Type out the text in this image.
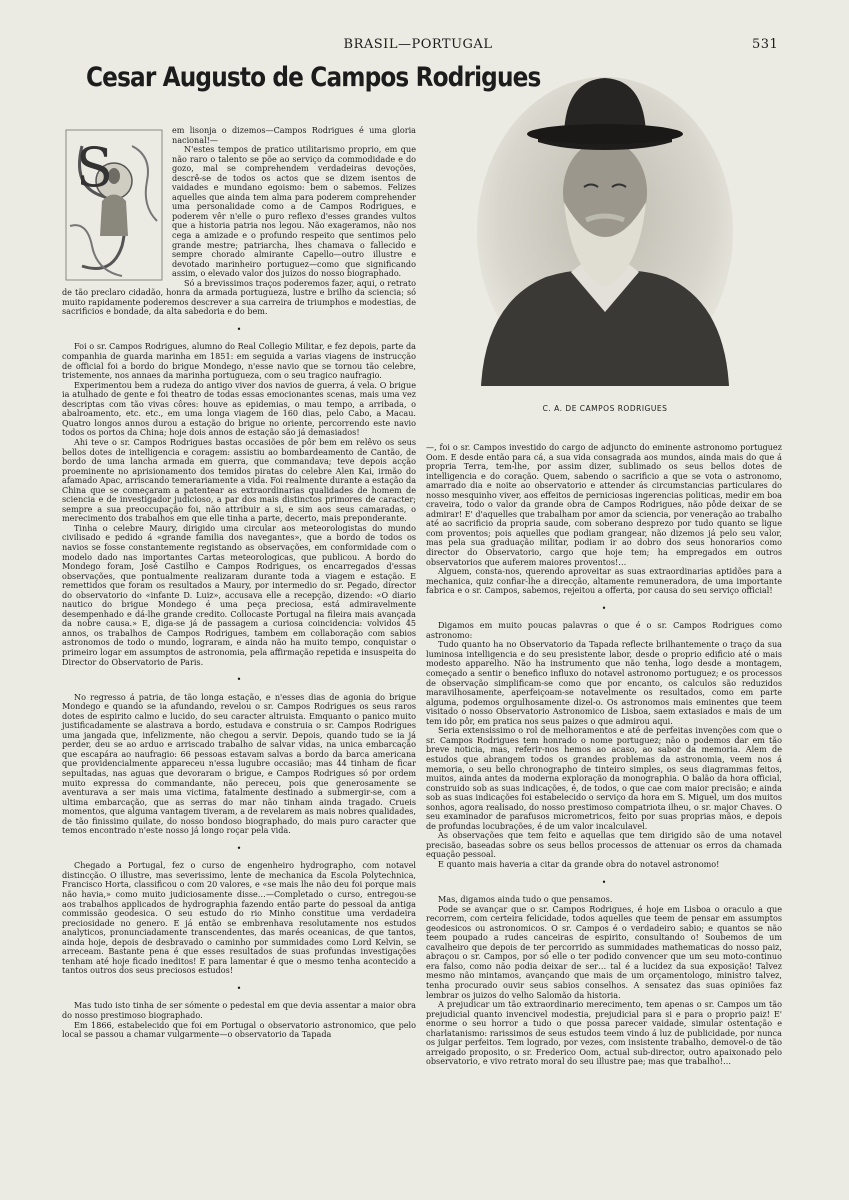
BRASIL—PORTUGAL	531
Cesar Augusto de Campos Rodrigues
S

em lisonja o dizemos—Campos Rodrigues é uma gloria nacional!—

N'estes tempos de pratico utilitarismo proprio, em que não raro o talento se põe ao serviço da commodidade e do gozo, mal se comprehendem verdadeiras devoções, descrê-se de todos os actos que se dizem isentos de vaidades e mundano egoismo: bem o sabemos. Felizes aquelles que ainda tem alma para poderem comprehender uma personalidade como a de Campos Rodrigues, e poderem vêr n'elle o puro reflexo d'esses grandes vultos que a historia patria nos legou. Não exageramos, não nos cega a amizade e o profundo respeito que sentimos pelo grande mestre; patriarcha, lhes chamava o fallecido e sempre chorado almirante Capello—outro illustre e devotado marinheiro portuguez—como que significando assim, o elevado valor dos juizos do nosso biographado.

Só a brevissimos traços poderemos fazer, aqui, o retrato de tão preclaro cidadão, honra da armada portugueza, lustre e brilho da sciencia; só muito rapidamente poderemos descrever a sua carreira de triumphos e modestias, de sacrificios e bondade, da alta sabedoria e do bem.

•

Foi o sr. Campos Rodrigues, alumno do Real Collegio Militar, e fez depois, parte da companhia de guarda marinha em 1851: em seguida a varias viagens de instrucção de official foi a bordo do brigue Mondego, n'esse navio que se tornou tão celebre, tristemente, nos annaes da marinha portugueza, com o seu tragico naufragio.

Experimentou bem a rudeza do antigo viver dos navios de guerra, á vela. O brigue ia atulhado de gente e foi theatro de todas essas emocionantes scenas, mais uma vez descriptas com tão vivas côres: houve as epidemias, o mau tempo, a arribada, o abalroamento, etc. etc., em uma longa viagem de 160 dias, pelo Cabo, a Macau. Quatro longos annos durou a estação do brigue no oriente, percorrendo este navio todos os portos da China; hoje dois annos de estação são já demasiados!

Ahi teve o sr. Campos Rodrigues bastas occasiões de pôr bem em relêvo os seus bellos dotes de intelligencia e coragem: assistiu ao bombardeamento de Cantão, de bordo de uma lancha armada em guerra, que commandava; teve depois acção proeminente no aprisionamento dos temidos piratas do celebre Alen Kai, irmão do afamado Apac, arriscando temerariamente a vida. Foi realmente durante a estação da China que se começaram a patentear as extraordinarias qualidades de homem de sciencia e de investigador judicioso, a par dos mais distinctos primores de caracter; sempre a sua preoccupação foi, não attribuir a si, e sim aos seus camaradas, o merecimento dos trabalhos em que elle tinha a parte, decerto, mais preponderante.

Tinha o celebre Maury, dirigido uma circular aos meteorologistas do mundo civilisado e pedido á «grande familia dos navegantes», que a bordo de todos os navios se fosse constantemente registando as observações, em conformidade com o modelo dado nas importantes Cartas meteorologicas, que publicou. A bordo do Mondego foram, José Castilho e Campos Rodrigues, os encarregados d'essas observações, que pontualmente realizaram durante toda a viagem e estação. E remettidos que foram os resultados a Maury, por intermedio do sr. Pegado, director do observatorio do «infante D. Luiz», accusava elle a recepção, dizendo: «O diario nautico do brigue Mondego é uma peça preciosa, está admiravelmente desempenhado e dá-lhe grande credito. Collocaste Portugal na fileira mais avançada da nobre causa.» E, diga-se já de passagem a curiosa coincidencia: volvidos 45 annos, os trabalhos de Campos Rodrigues, tambem em collaboração com sabios astronomos de todo o mundo, lograram, e ainda não ha muito tempo, conquistar o primeiro logar em assumptos de astronomia, pela affirmação repetida e insuspeita do Director do Observatorio de Paris.

•

No regresso á patria, de tão longa estação, e n'esses dias de agonia do brigue Mondego e quando se ia afundando, revelou o sr. Campos Rodrigues os seus raros dotes de espirito calmo e lucido, do seu caracter altruista. Emquanto o panico muito justificadamente se alastrava a bordo, estudava e construia o sr. Campos Rodrigues uma jangada que, infelizmente, não chegou a servir. Depois, quando tudo se ia já perder, deu se ao arduo e arriscado trabalho de salvar vidas, na unica embarcação que escapára ao naufragio: 66 pessoas estavam salvas a bordo da barca americana que providencialmente appareceu n'essa lugubre occasião; mas 44 tinham de ficar sepultadas, nas aguas que devoraram o brigue, e Campos Rodrigues só por ordem muito expressa do commandante, não pereceu, pois que generosamente se aventurava a ser mais uma victima, fatalmente destinado a submergir-se, com a ultima embarcação, que as serras do mar não tinham ainda tragado. Crueis momentos, que alguma vantagem tiveram, a de revelarem as mais nobres qualidades, de tão finissimo quilate, do nosso bondoso biographado, do mais puro caracter que temos encontrado n'este nosso já longo roçar pela vida.

•

Chegado a Portugal, fez o curso de engenheiro hydrographo, com notavel distincção. O illustre, mas severissimo, lente de mechanica da Escola Polytechnica, Francisco Horta, classificou o com 20 valores, e «se mais lhe não deu foi porque mais não havia,» como muito judiciosamente disse…—Completado o curso, entregou-se aos trabalhos applicados de hydrographia fazendo então parte do pessoal da antiga commissão geodesica. O seu estudo do rio Minho constitue uma verdadeira preciosidade no genero. E já então se embrenhava resolutamente nos estudos analyticos, pronunciadamente transcendentes, das marés oceanicas, de que tantos, ainda hoje, depois de desbravado o caminho por summidades como Lord Kelvin, se arreceam. Bastante pena é que esses resultados de suas profundas investigações tenham até hoje ficado ineditos! E para lamentar é que o mesmo tenha acontecido a tantos outros dos seus preciosos estudos!

•

Mas tudo isto tinha de ser sómente o pedestal em que devia assentar a maior obra do nosso prestimoso biographado.

Em 1866, estabelecido que foi em Portugal o observatorio astronomico, que pelo local se passou a chamar vulgarmente—o observatorio da Tapada

C. A. DE CAMPOS RODRIGUES

—, foi o sr. Campos investido do cargo de adjuncto do eminente astronomo portuguez Oom. E desde então para cá, a sua vida consagrada aos mundos, ainda mais do que á propria Terra, tem-lhe, por assim dizer, sublimado os seus bellos dotes de intelligencia e do coração. Quem, sabendo o sacrificio a que se vota o astronomo, amarrado dia e noite ao observatorio e attender ás circumstancias particulares do nosso mesquinho viver, aos effeitos de perniciosas ingerencias politicas, medir em boa craveira, todo o valor da grande obra de Campos Rodrigues, não pôde deixar de se admirar! E' d'aquelles que trabalham por amor da sciencia, por veneração ao trabalho até ao sacrificio da propria saude, com soberano desprezo por tudo quanto se ligue com proventos; pois aquelles que podiam grangear, não dizemos já pelo seu valor, mas pela sua graduação militar, podiam ir ao dobro dos seus honorarios como director do Observatorio, cargo que hoje tem; ha empregados em outros observatorios que auferem maiores proventos!…

Alguem, consta-nos, querendo aproveitar as suas extraordinarias aptidões para a mechanica, quiz confiar-lhe a direcção, altamente remuneradora, de uma importante fabrica e o sr. Campos, sabemos, rejeitou a offerta, por causa do seu serviço official!

•

Digamos em muito poucas palavras o que é o sr. Campos Rodrigues como astronomo:

Tudo quanto ha no Observatorio da Tapada reflecte brilhantemente o traço da sua luminosa intelligencia e do seu presistente labor, desde o proprio edificio até o mais modesto apparelho. Não ha instrumento que não tenha, logo desde a montagem, começado a sentir o benefico influxo do notavel astronomo portuguez; e os processos de observação simplificam-se como que por encanto, os calculos são reduzidos maravilhosamente, aperfeiçoam-se notavelmente os resultados, como em parte alguma, podemos orgulhosamente dizel-o. Os astronomos mais eminentes que teem visitado o nosso Observatorio Astronomico de Lisboa, saem extasiados e mais de um tem ido pôr, em pratica nos seus paizes o que admirou aqui.

Seria extensissimo o rol de melhoramentos e até de perfeitas invenções com que o sr. Campos Rodrigues tem honrado o nome portuguez; não o podemos dar em tão breve noticia, mas, referir-nos hemos ao acaso, ao sabor da memoria. Alem de estudos que abrangem todos os grandes problemas da astronomia, veem nos á memoria, o seu bello chronographo de tinteiro simples, os seus diagrammas feitos, muitos, ainda antes da moderna exploração da monographia. O balão da hora official, construido sob as suas indicações, é, de todos, o que cae com maior precisão; e ainda sob as suas indicações foi estabelecido o serviço da hora em S. Miguel, um dos muitos sonhos, agora realisado, do nosso prestimoso compatriota ilheu, o sr. major Chaves. O seu examinador de parafusos micrometricos, feito por suas proprias mãos, e depois de profundas locubrações, é de um valor incalculavel.

As observações que tem feito e aquellas que tem dirigido são de uma notavel precisão, baseadas sobre os seus bellos processos de attenuar os erros da chamada equação pessoal.

E quanto mais haveria a citar da grande obra do notavel astronomo!

•

Mas, digamos ainda tudo o que pensamos.

Pode se avançar que o sr. Campos Rodrigues, é hoje em Lisboa o oraculo a que recorrem, com certeira felicidade, todos aquelles que teem de pensar em assumptos geodesicos ou astronomicos. O sr. Campos é o verdadeiro sabio; e quantos se não teem poupado a rudes canceiras de espirito, consultando o! Soubemos de um cavalheiro que depois de ter percorrido as summidades mathematicas do nosso paiz, abraçou o sr. Campos, por só elle o ter podido convencer que um seu moto-continuo era falso, como não podia deixar de ser… tal é a lucidez da sua exposição! Talvez mesmo não mintamos, avançando que mais de um orçamentologo, ministro talvez, tenha procurado ouvir seus sabios conselhos. A sensatez das suas opiniões faz lembrar os juizos do velho Salomão da historia.

A prejudicar um tão extraordinario merecimento, tem apenas o sr. Campos um tão prejudicial quanto invencivel modestia, prejudicial para si e para o proprio paiz! E' enorme o seu horror a tudo o que possa parecer vaidade, simular ostentação e charlatanismo: rarissimos de seus estudos teem vindo á luz de publicidade, por nunca os julgar perfeitos. Tem logrado, por vezes, com insistente trabalho, demovel-o de tão arreigado proposito, o sr. Frederico Oom, actual sub-director, outro apaixonado pelo observatorio, e vivo retrato moral do seu illustre pae; mas que trabalho!…
